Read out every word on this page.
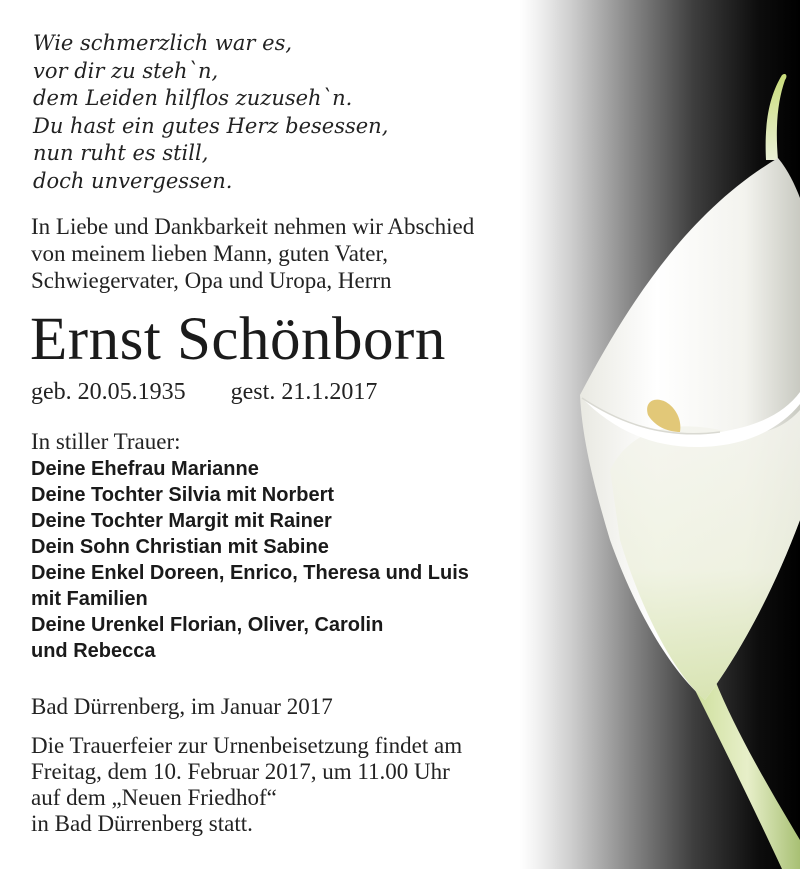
Wie schmerzlich war es,
vor dir zu steh`n,
dem Leiden hilflos zuzuseh`n.
Du hast ein gutes Herz besessen,
nun ruht es still,
doch unvergessen.
In Liebe und Dankbarkeit nehmen wir Abschied
von meinem lieben Mann, guten Vater,
Schwiegervater, Opa und Uropa, Herrn
Ernst Schönborn
geb. 20.05.1935 gest. 21.1.2017
In stiller Trauer:
Deine Ehefrau Marianne
Deine Tochter Silvia mit Norbert
Deine Tochter Margit mit Rainer
Dein Sohn Christian mit Sabine
Deine Enkel Doreen, Enrico, Theresa und Luis
mit Familien
Deine Urenkel Florian, Oliver, Carolin
und Rebecca
Bad Dürrenberg, im Januar 2017
Die Trauerfeier zur Urnenbeisetzung findet am
Freitag, dem 10. Februar 2017, um 11.00 Uhr
auf dem „Neuen Friedhof“
in Bad Dürrenberg statt.
